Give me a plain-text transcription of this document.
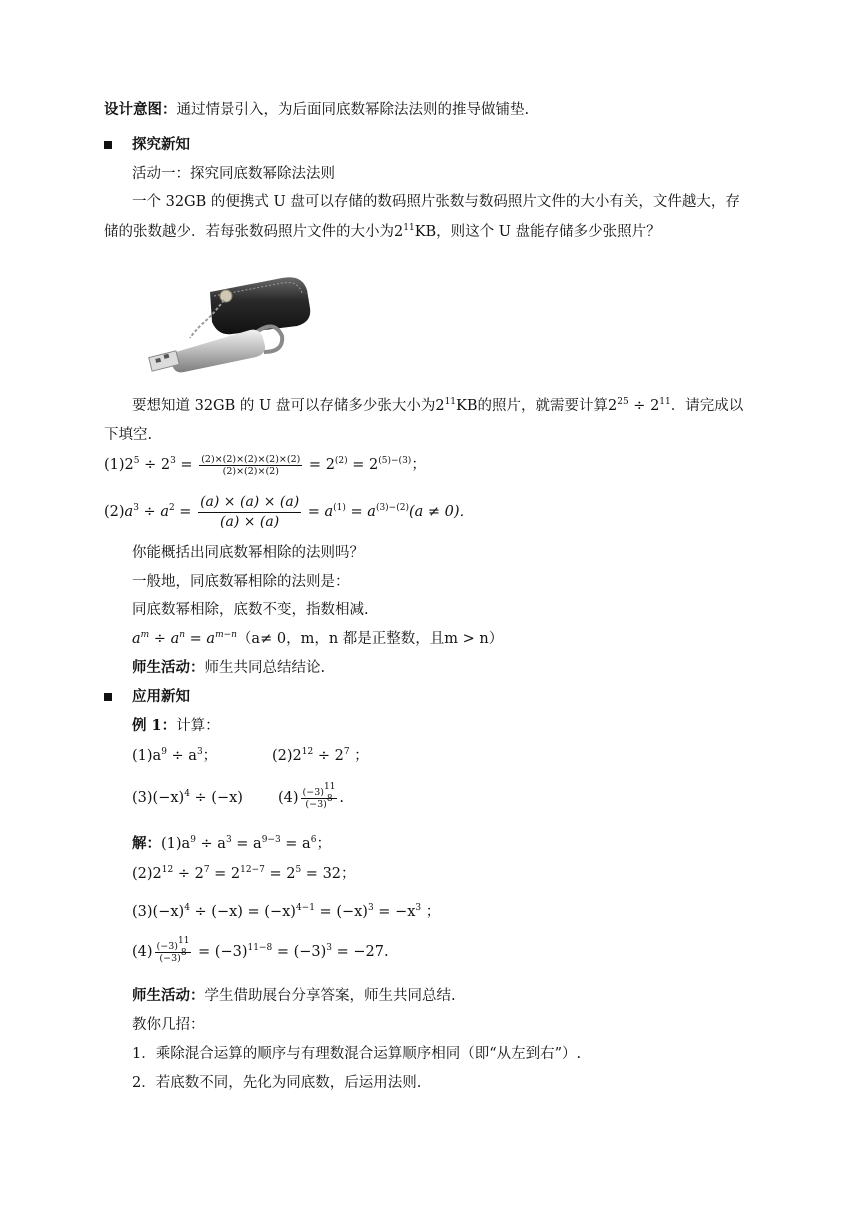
设计意图：通过情景引入，为后面同底数幂除法法则的推导做铺垫.
探究新知
活动一：探究同底数幂除法法则
一个 32GB 的便携式 U 盘可以存储的数码照片张数与数码照片文件的大小有关，文件越大，存
储的张数越少．若每张数码照片文件的大小为$2^{11}KB$，则这个 U 盘能存储多少张照片？
要想知道 32GB 的 U 盘可以存储多少张大小为$2^{11}KB$的照片，就需要计算$2^{25} \div 2^{11}$．请完成以
下填空.
$(1)2^5 \div 2^3 = \frac{(2)\times(2)\times(2)\times(2)\times(2)}{(2)\times(2)\times(2)} = 2^{(2)} = 2^{(5)-(3)}$；
$(2)a^3 \div a^2 = \frac{(a) \times (a) \times (a)}{(a) \times (a)} = a^{(1)} = a^{(3)-(2)}(a \ne 0)$．
你能概括出同底数幂相除的法则吗？
一般地，同底数幂相除的法则是：
同底数幂相除，底数不变，指数相减.
$a^m \div a^n = a^{m-n}(a\ne 0$，m，n 都是正整数，且m > n）
师生活动：师生共同总结结论.
应用新知
例 1：计算：
$(1)a^9 \div a^3$；	$(2)2^{12} \div 2^7$ ；
$(3)(-x)^4 \div (-x)$ $(4) \frac{(-3)^{11}}{(-3)^8}$ .
解：$(1)a^9 \div a^3 = a^{9-3} = a^6$；
$(2)2^{12} \div 2^7 = 2^{12-7} = 2^5 = 32$；
$(3)(-x)^4 \div (-x) = (-x)^{4-1} = (-x)^3 = -x^3$ ；
$(4) \frac{(-3)^{11}}{(-3)^8} = (-3)^{11-8} = (-3)^3 = -27$.
师生活动：学生借助展台分享答案，师生共同总结.
教你几招：
1．乘除混合运算的顺序与有理数混合运算顺序相同（即“从左到右”）.
2．若底数不同，先化为同底数，后运用法则.
